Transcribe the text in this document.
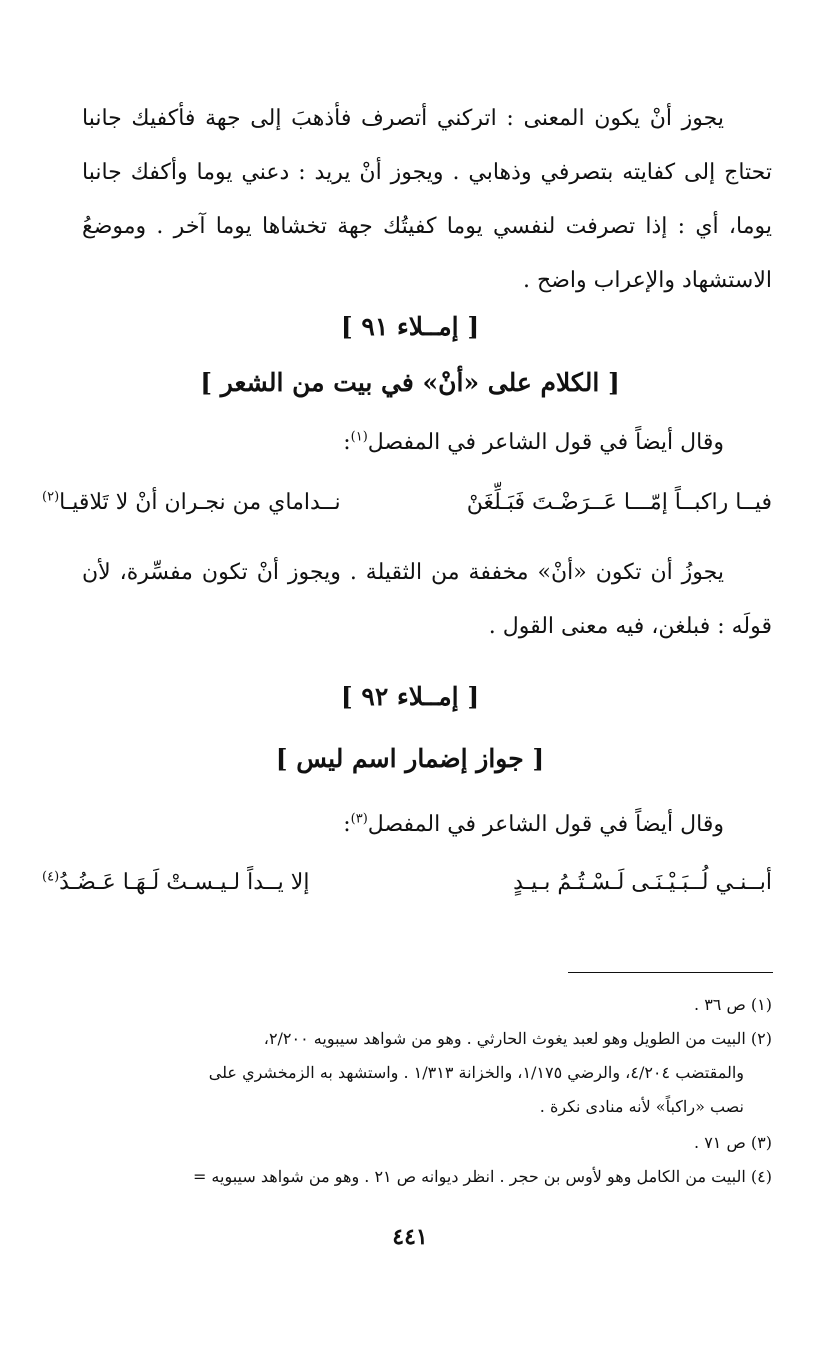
يجوز أنْ يكون المعنى : اتركني أتصرف فأذهبَ إلى جهة فأكفيك جانبا تحتاج إلى كفايته بتصرفي وذهابي . ويجوز أنْ يريد : دعني يوما وأكفك جانبا يوما، أي : إذا تصرفت لنفسي يوما كفيتُك جهة تخشاها يوما آخر . وموضعُ الاستشهاد والإعراب واضح .

[ إمــلاء ٩١ ]

[ الكلام على «أنْ» في بيت من الشعر ]

وقال أيضاً في قول الشاعر في المفصل$^{(١)}$:

فيــا راكبــاً إمّـــا عَــرَضْـتَ فَبَـلِّغَنْ
نــداماي من نجـران أنْ لا تَلاقيـا$^{(٢)}$

يجوزُ أن تكون «أنْ» مخففة من الثقيلة . ويجوز أنْ تكون مفسِّرة، لأن قولَه : فبلغن، فيه معنى القول .

[ إمــلاء ٩٢ ]

[ جواز إضمار اسم ليس ]

وقال أيضاً في قول الشاعر في المفصل$^{(٣)}$:

أبــنـي لُــبَـيْـنَـى لَـسْـتُـمُ بـيـدٍ
إلا يــداً لـيـسـتْ لَـهَـا عَـضُـدُ$^{(٤)}$

(١) ص ٣٦ .

(٢) البيت من الطويل وهو لعبد يغوث الحارثي . وهو من شواهد سيبويه ٢/٢٠٠،
والمقتضب ٤/٢٠٤، والرضي ١/١٧٥، والخزانة ١/٣١٣ . واستشهد به الزمخشري على
نصب «راكباً» لأنه منادى نكرة .

(٣) ص ٧١ .

(٤) البيت من الكامل وهو لأوس بن حجر . انظر ديوانه ص ٢١ . وهو من شواهد سيبويه =

٤٤١
